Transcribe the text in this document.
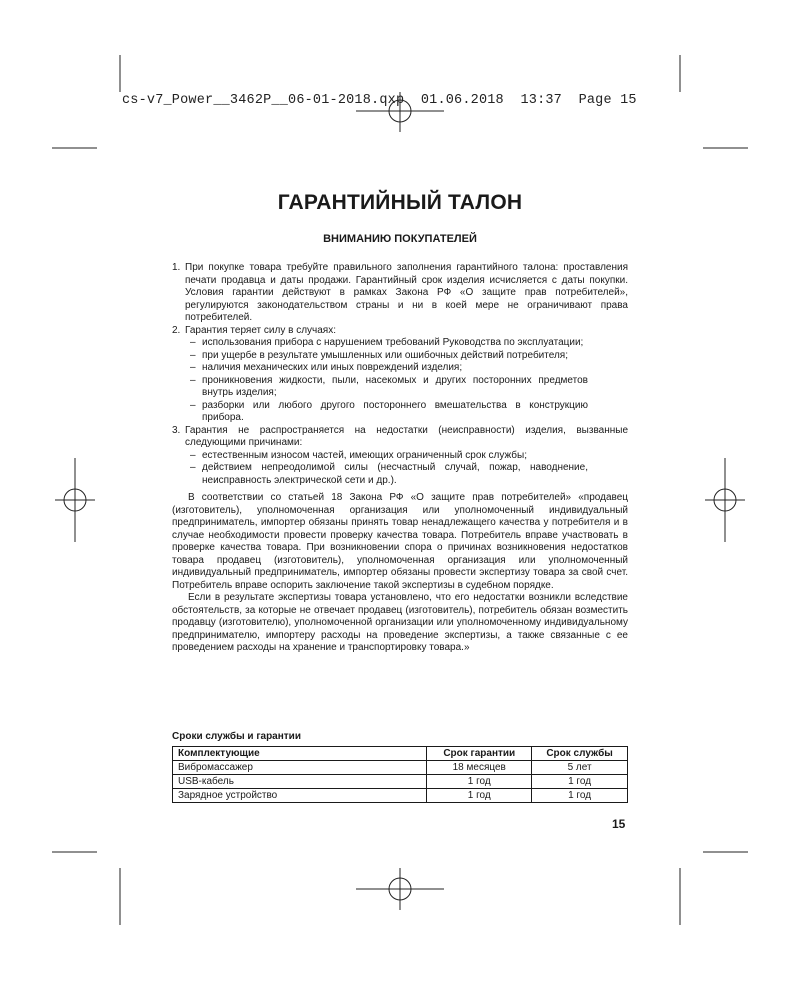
cs-v7_Power__3462P__06-01-2018.qxp  01.06.2018  13:37  Page 15
ГАРАНТИЙНЫЙ ТАЛОН
ВНИМАНИЮ ПОКУПАТЕЛЕЙ
1. При покупке товара требуйте правильного заполнения гарантийного талона: проставления печати продавца и даты продажи. Гарантийный срок изделия исчисляется с даты покупки. Условия гарантии действуют в рамках Закона РФ «О защите прав потребителей», регулируются законодательством страны и ни в коей мере не ограничивают права потребителей.
2. Гарантия теряет силу в случаях:
– использования прибора с нарушением требований Руководства по эксплуатации;
– при ущербе в результате умышленных или ошибочных действий потребителя;
– наличия механических или иных повреждений изделия;
– проникновения жидкости, пыли, насекомых и других посторонних предметов внутрь изделия;
– разборки или любого другого постороннего вмешательства в конструкцию прибора.
3. Гарантия не распространяется на недостатки (неисправности) изделия, вызванные следующими причинами:
– естественным износом частей, имеющих ограниченный срок службы;
– действием непреодолимой силы (несчастный случай, пожар, наводнение, неисправность электрической сети и др.).

В соответствии со статьей 18 Закона РФ «О защите прав потребителей» «продавец (изготовитель), уполномоченная организация или уполномоченный индивидуальный предприниматель, импортер обязаны принять товар ненадлежащего качества у потребителя и в случае необходимости провести проверку качества товара. Потребитель вправе участвовать в проверке качества товара. При возникновении спора о причинах возникновения недостатков товара продавец (изготовитель), уполномоченная организация или уполномоченный индивидуальный предприниматель, импортер обязаны провести экспертизу товара за свой счет. Потребитель вправе оспорить заключение такой экспертизы в судебном порядке.

Если в результате экспертизы товара установлено, что его недостатки возникли вследствие обстоятельств, за которые не отвечает продавец (изготовитель), потребитель обязан возместить продавцу (изготовителю), уполномоченной организации или уполномоченному индивидуальному предпринимателю, импортеру расходы на проведение экспертизы, а также связанные с ее проведением расходы на хранение и транспортировку товара.»

Сроки службы и гарантии
Комплектующие	Срок гарантии	Срок службы
Вибромассажер	18 месяцев	5 лет
USB-кабель	1 год	1 год
Зарядное устройство	1 год	1 год
15
